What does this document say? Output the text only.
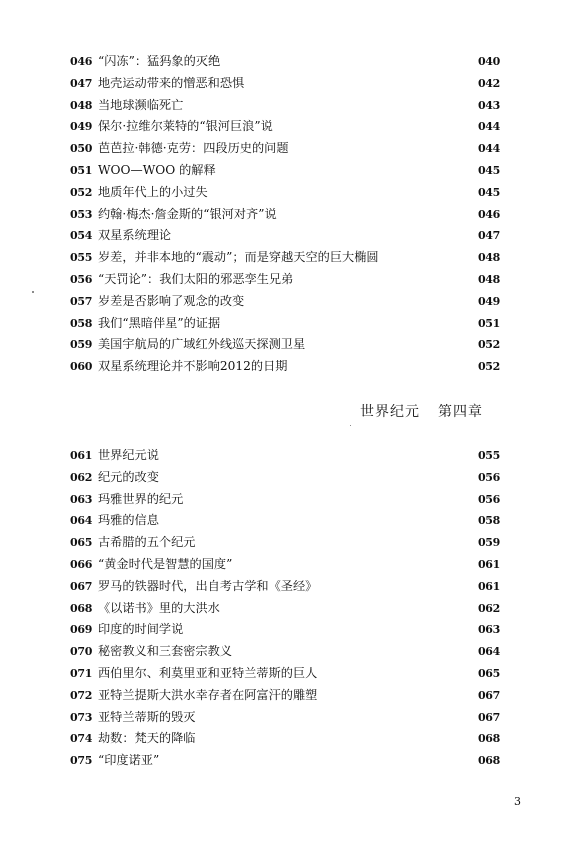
046 “闪冻”：猛犸象的灭绝	040
047 地壳运动带来的憎恶和恐惧	042
048 当地球濒临死亡	043
049 保尔·拉维尔莱特的“银河巨浪”说	044
050 芭芭拉·韩德·克劳：四段历史的问题	044
051 WOO—WOO 的解释	045
052 地质年代上的小过失	045
053 约翰·梅杰·詹金斯的“银河对齐”说	046
054 双星系统理论	047
055 岁差，并非本地的“震动”；而是穿越天空的巨大椭圆	048
056 “天罚论”：我们太阳的邪恶孪生兄弟	048
057 岁差是否影响了观念的改变	049
058 我们“黑暗伴星”的证据	051
059 美国宇航局的广域红外线巡天探测卫星	052
060 双星系统理论并不影响2012的日期	052
世界纪元 第四章
061 世界纪元说	055
062 纪元的改变	056
063 玛雅世界的纪元	056
064 玛雅的信息	058
065 古希腊的五个纪元	059
066 “黄金时代是智慧的国度”	061
067 罗马的铁器时代，出自考古学和《圣经》	061
068 《以诺书》里的大洪水	062
069 印度的时间学说	063
070 秘密教义和三套密宗教义	064
071 西伯里尔、利莫里亚和亚特兰蒂斯的巨人	065
072 亚特兰提斯大洪水幸存者在阿富汗的雕塑	067
073 亚特兰蒂斯的毁灭	067
074 劫数：梵天的降临	068
075 “印度诺亚”	068
3
